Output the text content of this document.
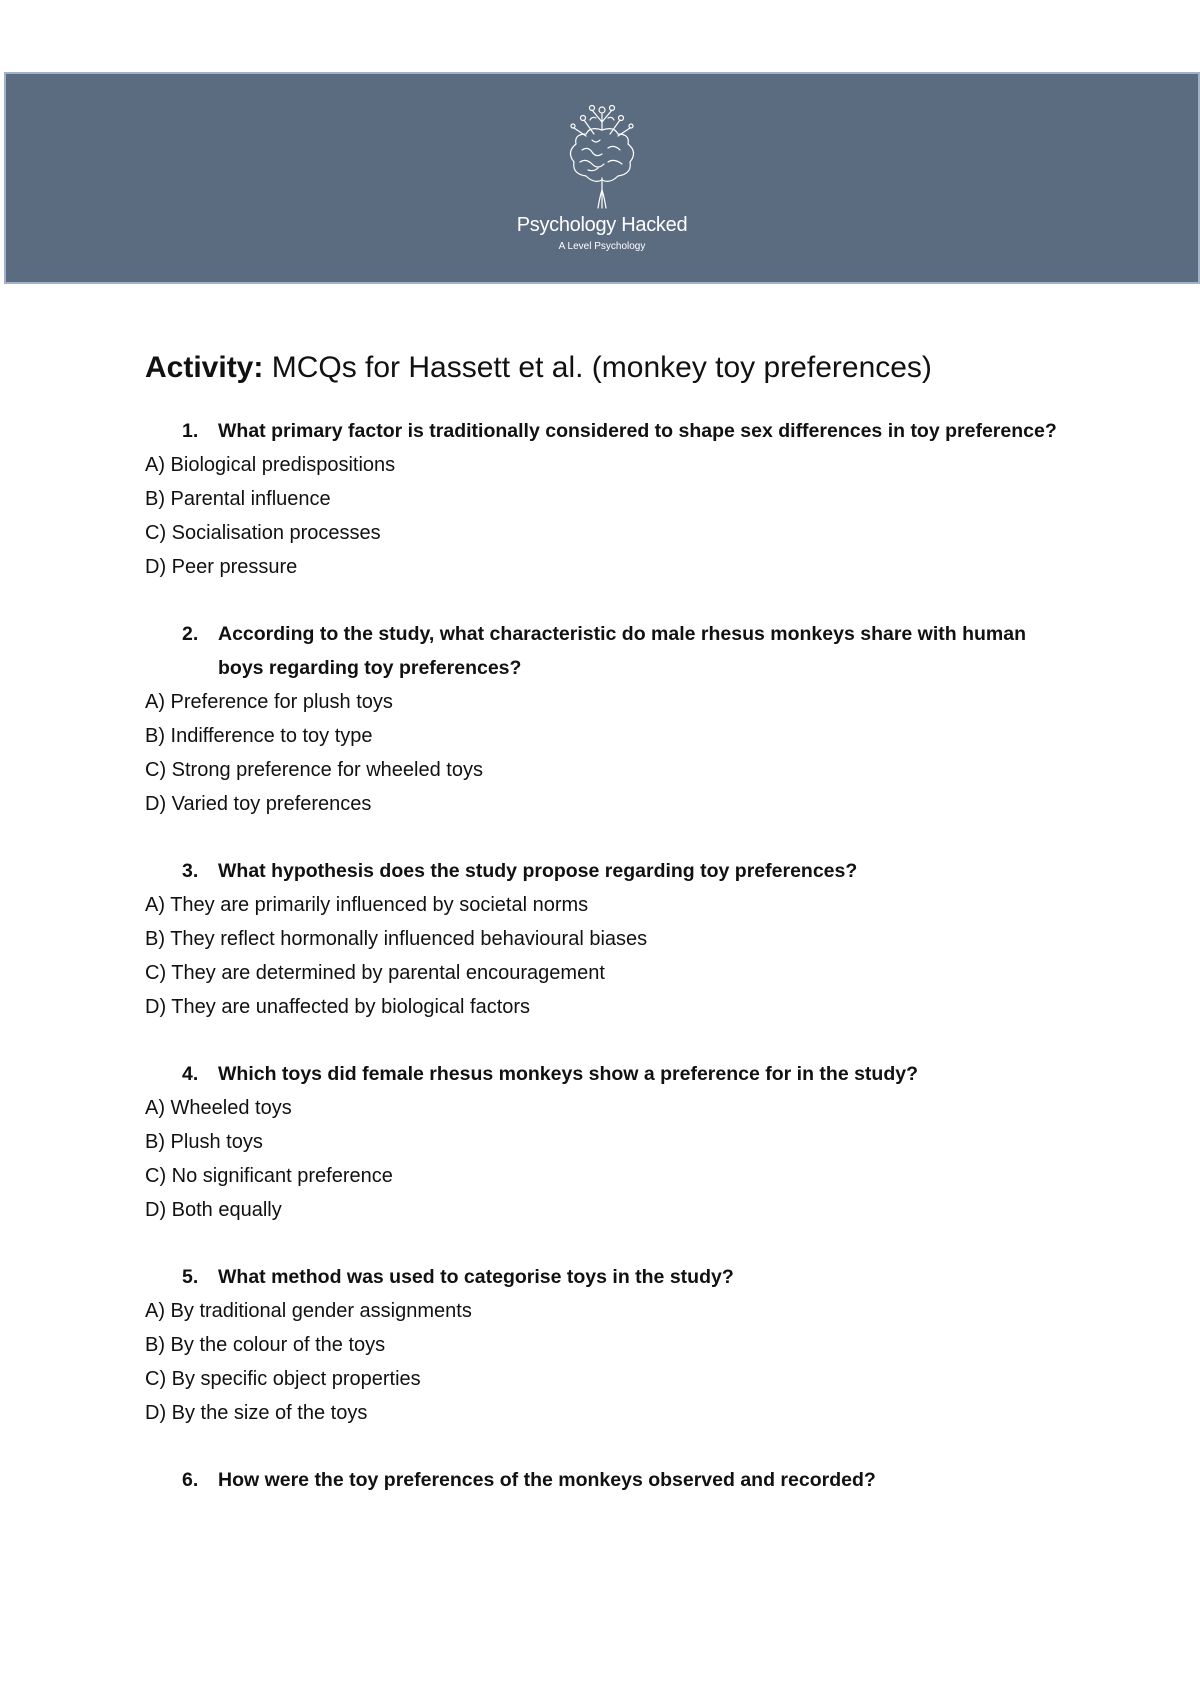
Psychology Hacked
A Level Psychology
Activity: MCQs for Hassett et al. (monkey toy preferences)
1.	What primary factor is traditionally considered to shape sex differences in toy preference?
A) Biological predispositions
B) Parental influence
C) Socialisation processes
D) Peer pressure
2.	According to the study, what characteristic do male rhesus monkeys share with human boys regarding toy preferences?
A) Preference for plush toys
B) Indifference to toy type
C) Strong preference for wheeled toys
D) Varied toy preferences
3.	What hypothesis does the study propose regarding toy preferences?
A) They are primarily influenced by societal norms
B) They reflect hormonally influenced behavioural biases
C) They are determined by parental encouragement
D) They are unaffected by biological factors
4.	Which toys did female rhesus monkeys show a preference for in the study?
A) Wheeled toys
B) Plush toys
C) No significant preference
D) Both equally
5.	What method was used to categorise toys in the study?
A) By traditional gender assignments
B) By the colour of the toys
C) By specific object properties
D) By the size of the toys
6.	How were the toy preferences of the monkeys observed and recorded?
